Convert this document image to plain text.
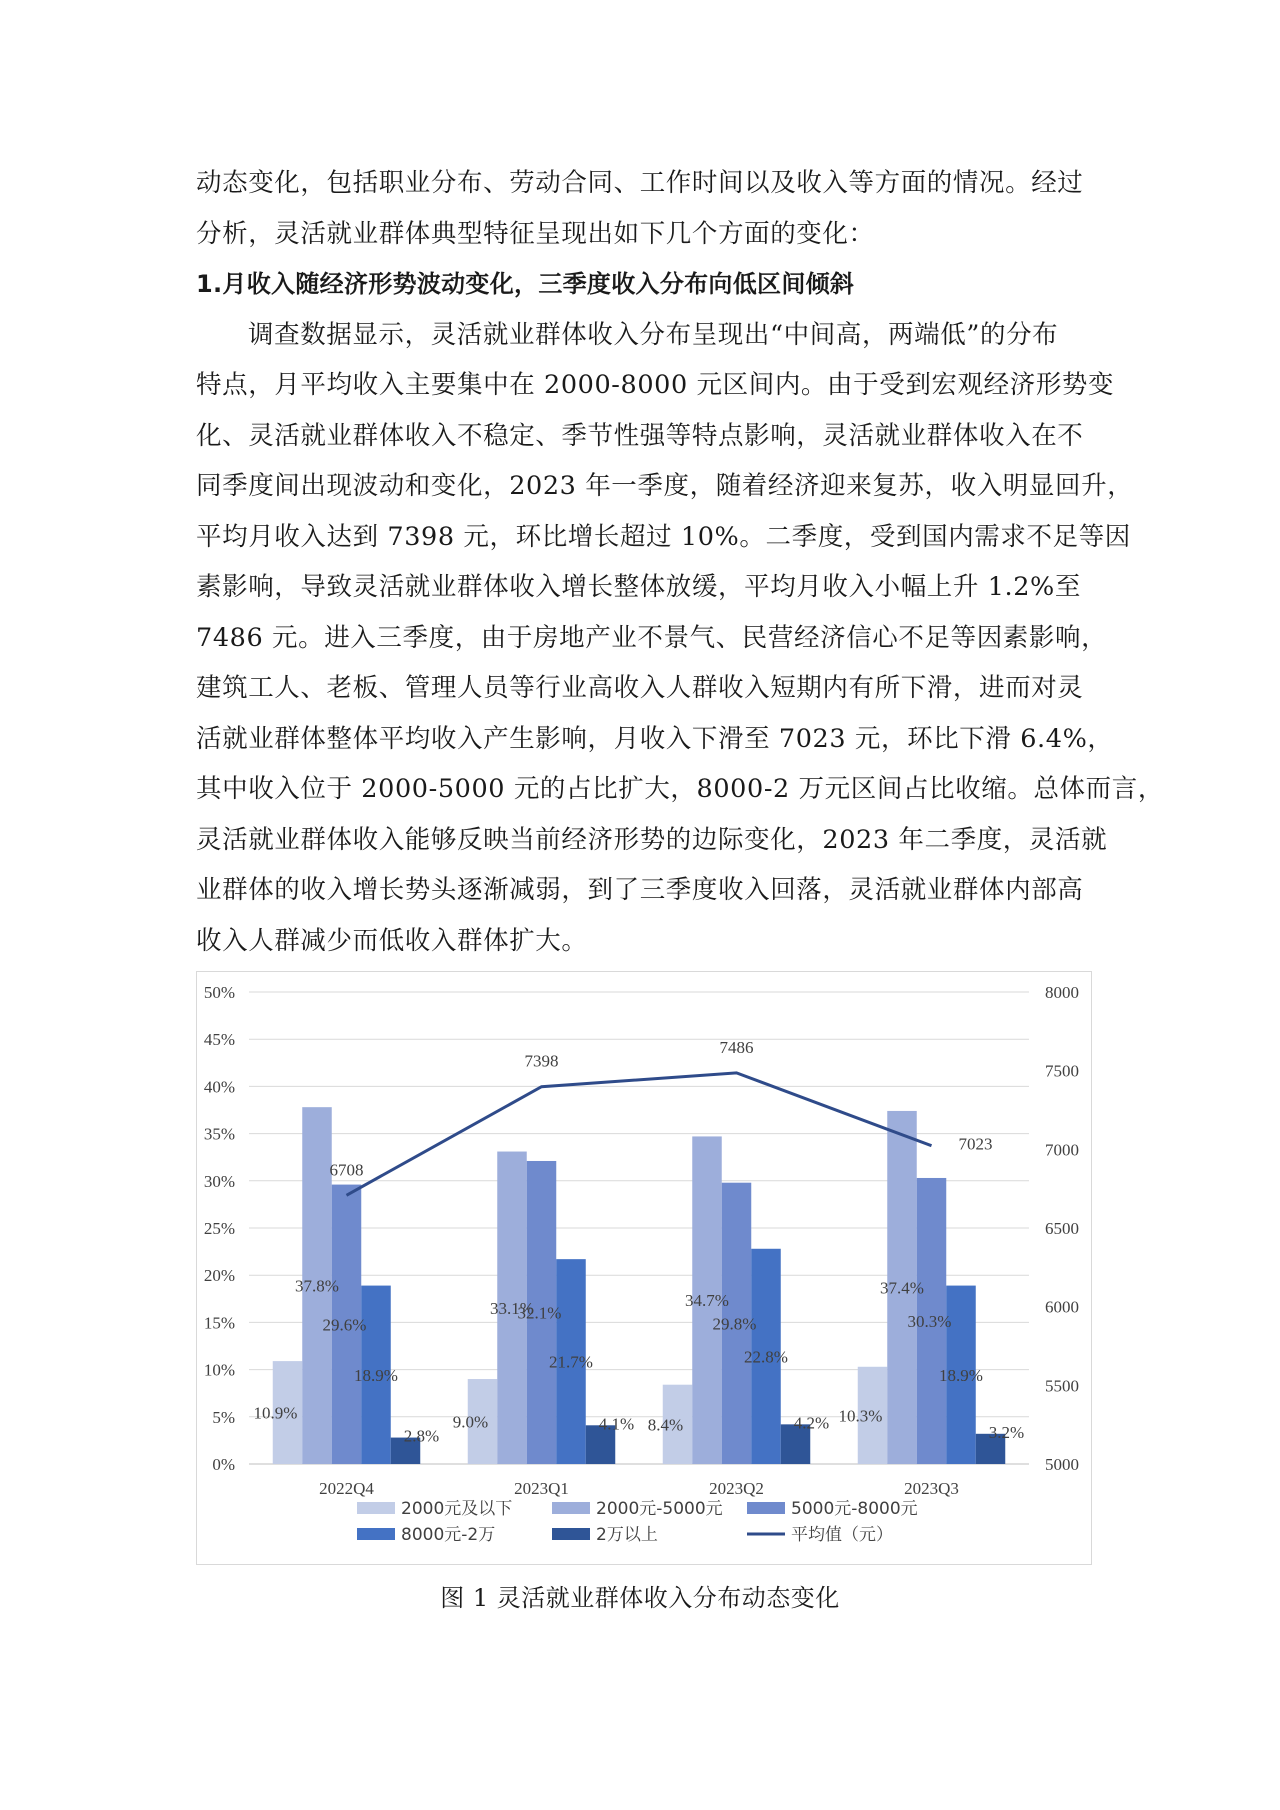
动态变化，包括职业分布、劳动合同、工作时间以及收入等方面的情况。经过
分析，灵活就业群体典型特征呈现出如下几个方面的变化：
1.月收入随经济形势波动变化，三季度收入分布向低区间倾斜
调查数据显示，灵活就业群体收入分布呈现出“中间高，两端低”的分布
特点，月平均收入主要集中在 2000-8000 元区间内。由于受到宏观经济形势变
化、灵活就业群体收入不稳定、季节性强等特点影响，灵活就业群体收入在不
同季度间出现波动和变化，2023 年一季度，随着经济迎来复苏，收入明显回升，
平均月收入达到 7398 元，环比增长超过 10%。二季度，受到国内需求不足等因
素影响，导致灵活就业群体收入增长整体放缓，平均月收入小幅上升 1.2%至
7486 元。进入三季度，由于房地产业不景气、民营经济信心不足等因素影响，
建筑工人、老板、管理人员等行业高收入人群收入短期内有所下滑，进而对灵
活就业群体整体平均收入产生影响，月收入下滑至 7023 元，环比下滑 6.4%，
其中收入位于 2000-5000 元的占比扩大，8000-2 万元区间占比收缩。总体而言，
灵活就业群体收入能够反映当前经济形势的边际变化，2023 年二季度，灵活就
业群体的收入增长势头逐渐减弱，到了三季度收入回落，灵活就业群体内部高
收入人群减少而低收入群体扩大。
0%
5%
10%
15%
20%
25%
30%
35%
40%
45%
50%
5000
5500
6000
6500
7000
7500
8000
2022Q4	2023Q1	2023Q2	2023Q3
10.9%
37.8%
29.6%
18.9%
2.8%
9.0%
33.1%
32.1%
21.7%
4.1% 8.4%
34.7%
29.8%
22.8%
4.2% 10.3%
37.4%
30.3%
18.9%
3.2%
6708
7398
7486
7023
2000元及以下	2000元-5000元	5000元-8000元
8000元-2万	2万以上	平均值（元）
图 1 灵活就业群体收入分布动态变化
